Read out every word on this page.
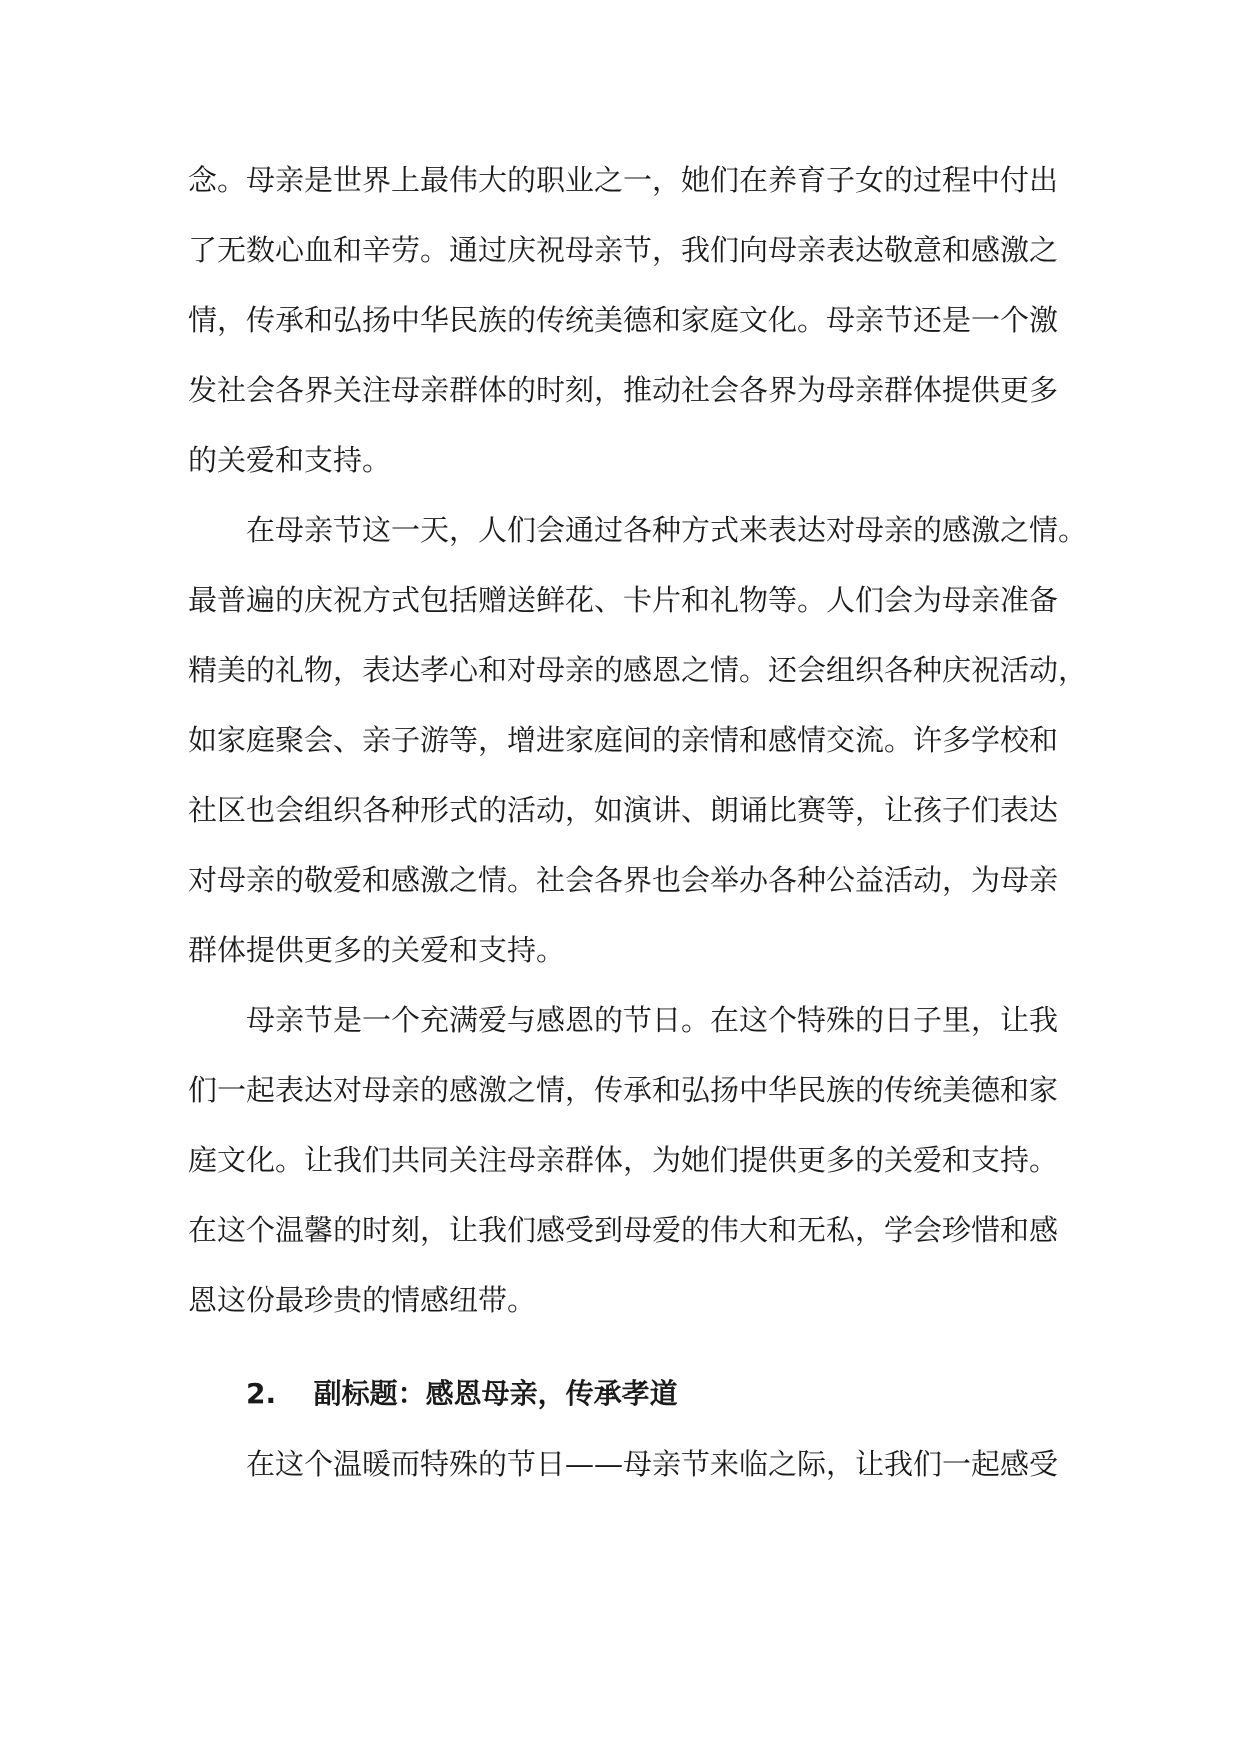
念。母亲是世界上最伟大的职业之一，她们在养育子女的过程中付出
了无数心血和辛劳。通过庆祝母亲节，我们向母亲表达敬意和感激之
情，传承和弘扬中华民族的传统美德和家庭文化。母亲节还是一个激
发社会各界关注母亲群体的时刻，推动社会各界为母亲群体提供更多
的关爱和支持。
在母亲节这一天，人们会通过各种方式来表达对母亲的感激之情。
最普遍的庆祝方式包括赠送鲜花、卡片和礼物等。人们会为母亲准备
精美的礼物，表达孝心和对母亲的感恩之情。还会组织各种庆祝活动，
如家庭聚会、亲子游等，增进家庭间的亲情和感情交流。许多学校和
社区也会组织各种形式的活动，如演讲、朗诵比赛等，让孩子们表达
对母亲的敬爱和感激之情。社会各界也会举办各种公益活动，为母亲
群体提供更多的关爱和支持。
母亲节是一个充满爱与感恩的节日。在这个特殊的日子里，让我
们一起表达对母亲的感激之情，传承和弘扬中华民族的传统美德和家
庭文化。让我们共同关注母亲群体，为她们提供更多的关爱和支持。
在这个温馨的时刻，让我们感受到母爱的伟大和无私，学会珍惜和感
恩这份最珍贵的情感纽带。
2. 副标题：感恩母亲，传承孝道
在这个温暖而特殊的节日——母亲节来临之际，让我们一起感受
